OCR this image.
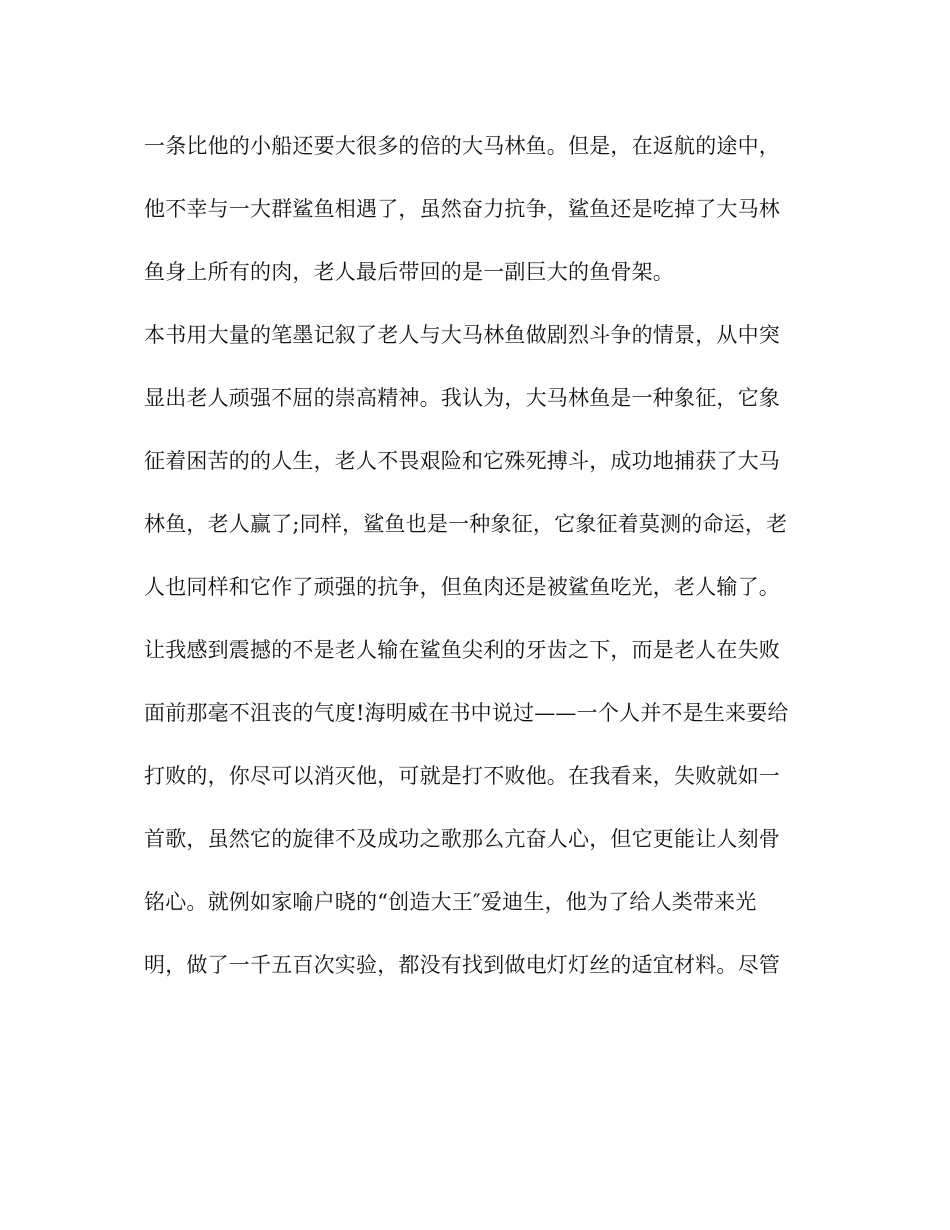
一条比他的小船还要大很多的倍的大马林鱼。但是，在返航的途中，
他不幸与一大群鲨鱼相遇了，虽然奋力抗争，鲨鱼还是吃掉了大马林
鱼身上所有的肉，老人最后带回的是一副巨大的鱼骨架。
本书用大量的笔墨记叙了老人与大马林鱼做剧烈斗争的情景，从中突
显出老人顽强不屈的崇高精神。我认为，大马林鱼是一种象征，它象
征着困苦的的人生，老人不畏艰险和它殊死搏斗，成功地捕获了大马
林鱼，老人赢了;同样，鲨鱼也是一种象征，它象征着莫测的命运，老
人也同样和它作了顽强的抗争，但鱼肉还是被鲨鱼吃光，老人输了。
让我感到震撼的不是老人输在鲨鱼尖利的牙齿之下，而是老人在失败
面前那毫不沮丧的气度!海明威在书中说过——一个人并不是生来要给
打败的，你尽可以消灭他，可就是打不败他。在我看来，失败就如一
首歌，虽然它的旋律不及成功之歌那么亢奋人心，但它更能让人刻骨
铭心。就例如家喻户晓的“创造大王″爱迪生，他为了给人类带来光
明，做了一千五百次实验，都没有找到做电灯灯丝的适宜材料。尽管
